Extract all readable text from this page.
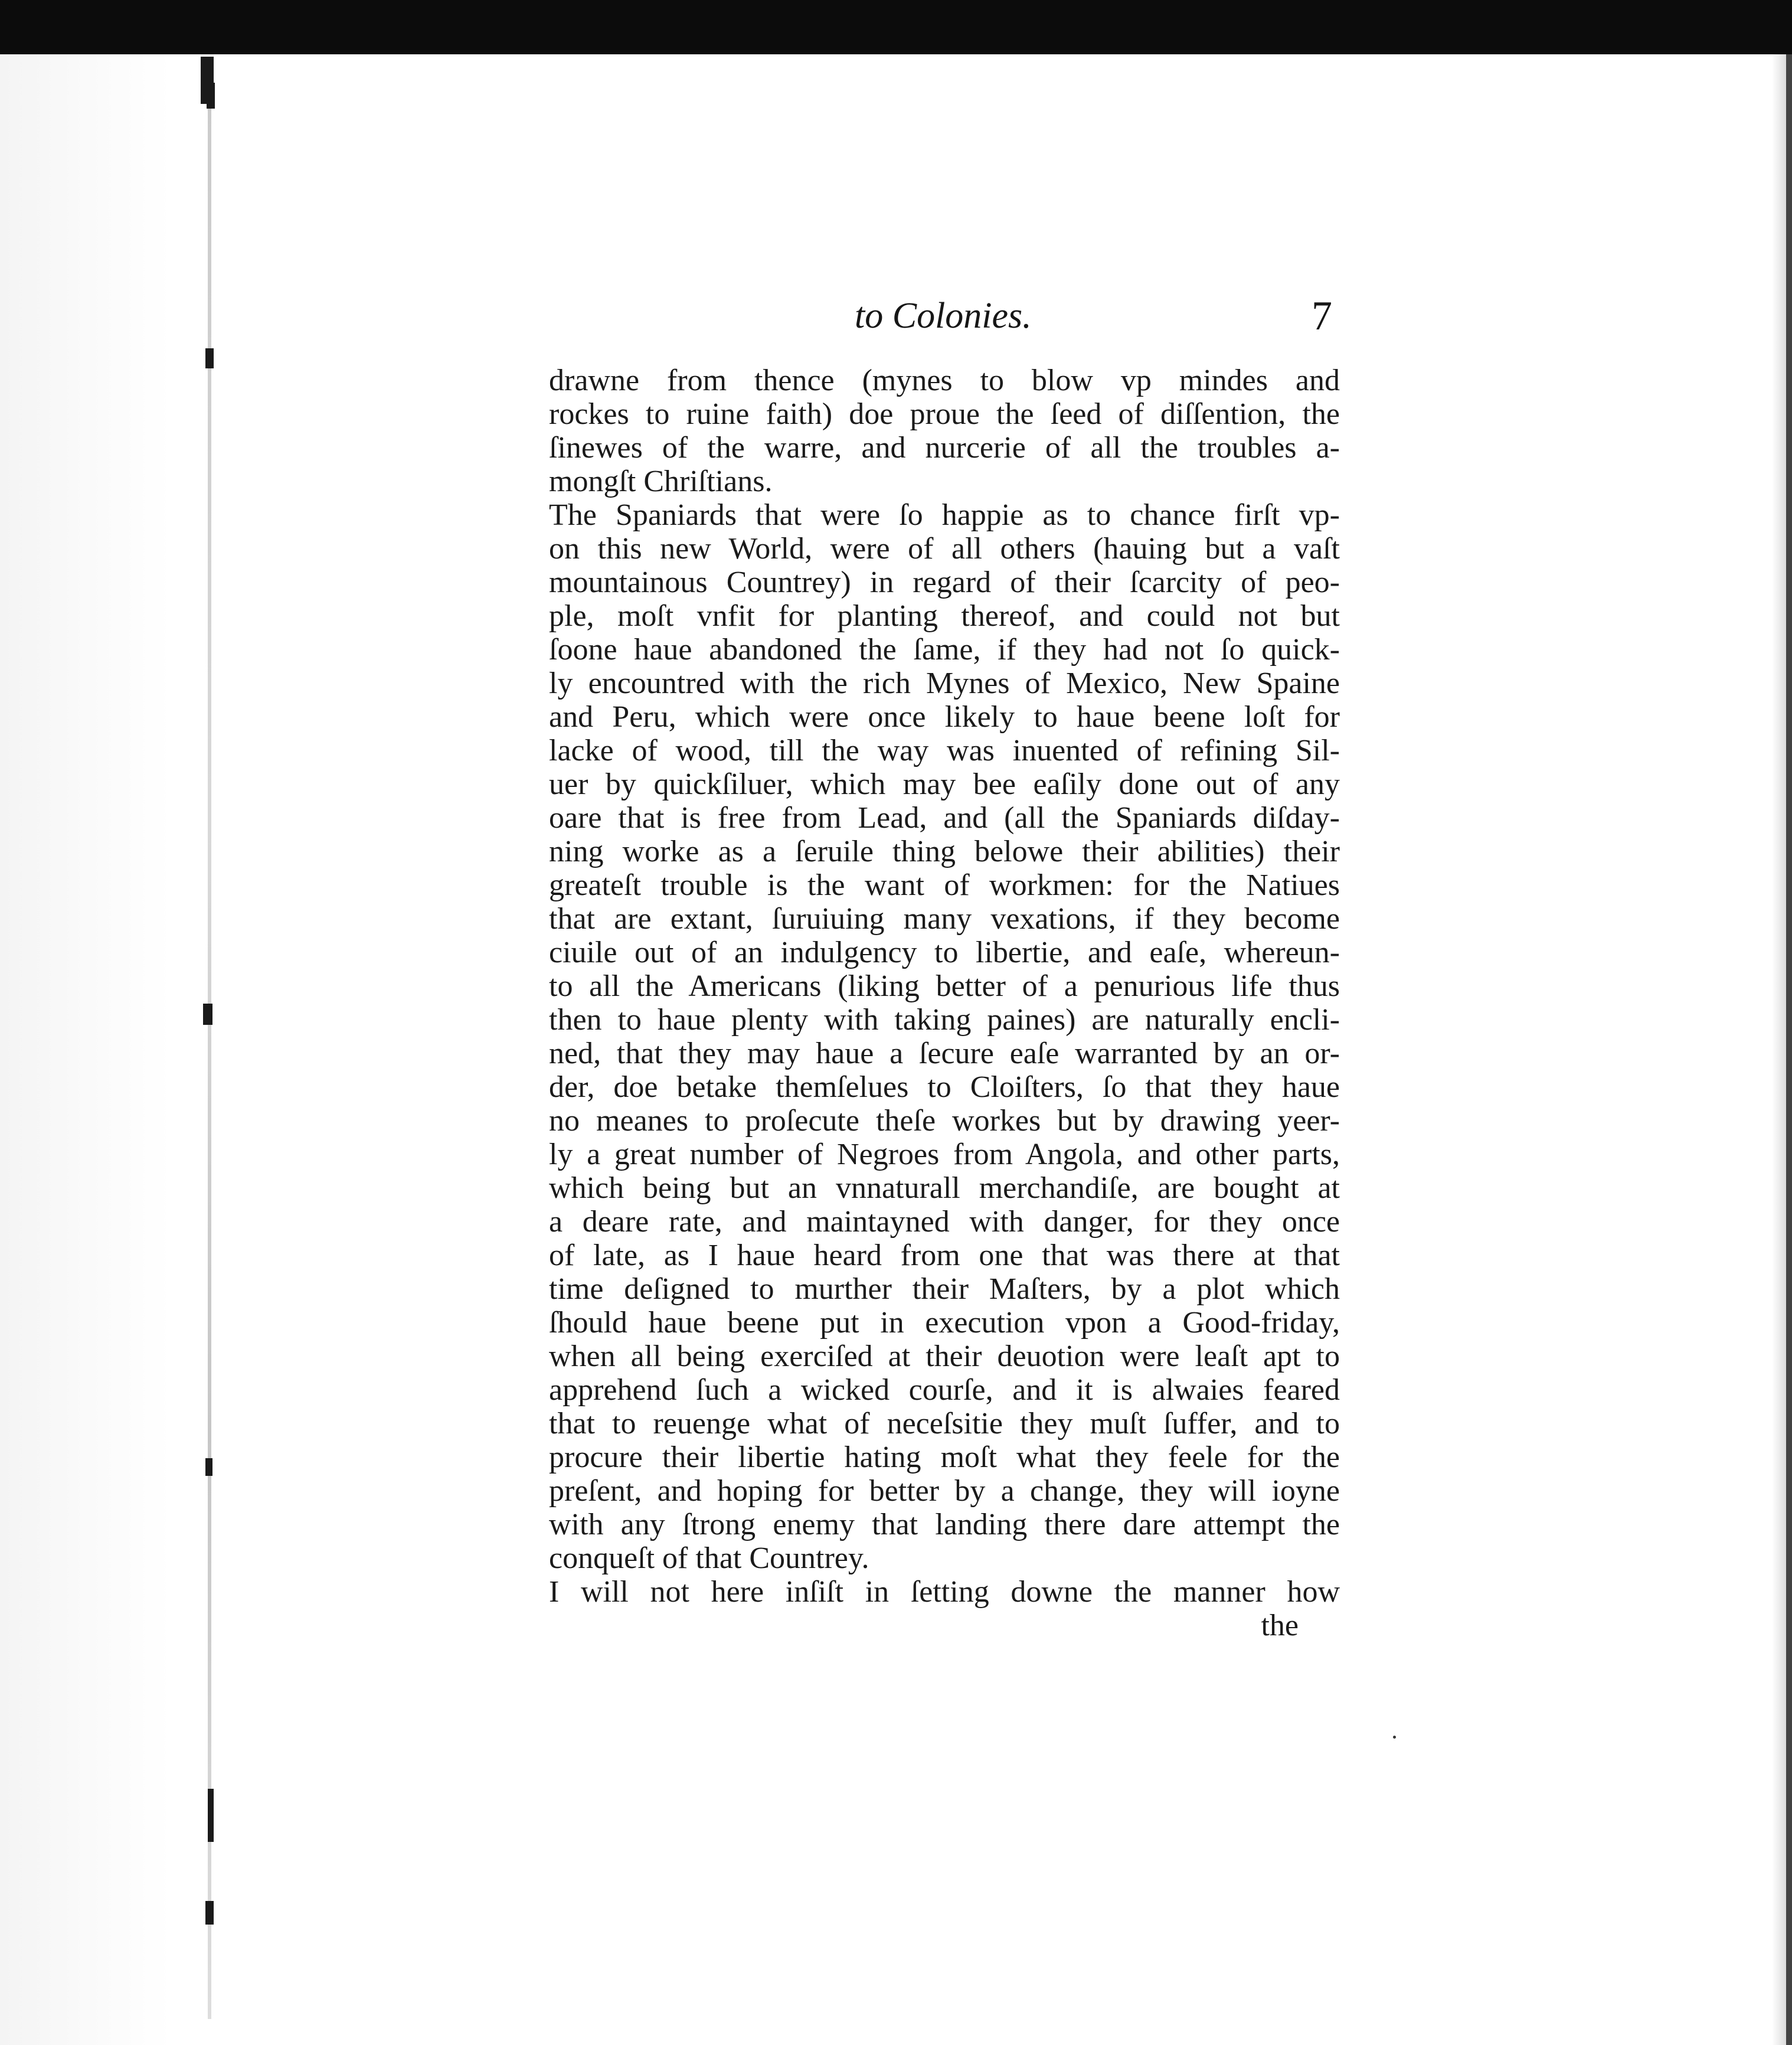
to Colonies.	7
drawne from thence (mynes to blow vp mindes and
rockes to ruine faith) doe proue the ſeed of diſſention, the
ſinewes of the warre, and nurcerie of all the troubles a-
mongſt Chriſtians.
The Spaniards that were ſo happie as to chance firſt vp-
on this new World, were of all others (hauing but a vaſt
mountainous Countrey) in regard of their ſcarcity of peo-
ple, moſt vnfit for planting thereof, and could not but
ſoone haue abandoned the ſame, if they had not ſo quick-
ly encountred with the rich Mynes of Mexico, New Spaine
and Peru, which were once likely to haue beene loſt for
lacke of wood, till the way was inuented of refining Sil-
uer by quickſiluer, which may bee eaſily done out of any
oare that is free from Lead, and (all the Spaniards diſday-
ning worke as a ſeruile thing belowe their abilities) their
greateſt trouble is the want of workmen: for the Natiues
that are extant, ſuruiuing many vexations, if they become
ciuile out of an indulgency to libertie, and eaſe, whereun-
to all the Americans (liking better of a penurious life thus
then to haue plenty with taking paines) are naturally encli-
ned, that they may haue a ſecure eaſe warranted by an or-
der, doe betake themſelues to Cloiſters, ſo that they haue
no meanes to proſecute theſe workes but by drawing yeer-
ly a great number of Negroes from Angola, and other parts,
which being but an vnnaturall merchandiſe, are bought at
a deare rate, and maintayned with danger, for they once
of late, as I haue heard from one that was there at that
time deſigned to murther their Maſters, by a plot which
ſhould haue beene put in execution vpon a Good-friday,
when all being exerciſed at their deuotion were leaſt apt to
apprehend ſuch a wicked courſe, and it is alwaies feared
that to reuenge what of neceſsitie they muſt ſuffer, and to
procure their libertie hating moſt what they feele for the
preſent, and hoping for better by a change, they will ioyne
with any ſtrong enemy that landing there dare attempt the
conqueſt of that Countrey.
I will not here inſiſt in ſetting downe the manner how
the
